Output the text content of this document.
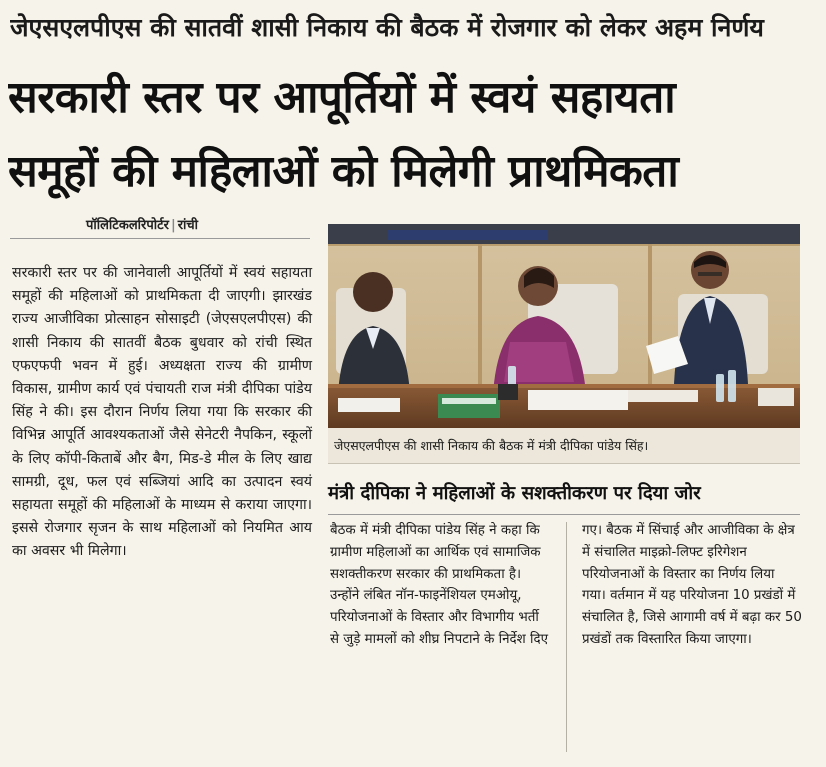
जेएसएलपीएस की सातवीं शासी निकाय की बैठक में रोजगार को लेकर अहम निर्णय
सरकारी स्तर पर आपूर्तियों में स्वयं सहायता
समूहों की महिलाओं को मिलेगी प्राथमिकता
पॉलिटिकलरिपोर्टर | रांची

सरकारी स्तर पर की जानेवाली आपूर्तियों में स्वयं सहायता समूहों की महिलाओं को प्राथमिकता दी जाएगी। झारखंड राज्य आजीविका प्रोत्साहन सोसाइटी (जेएसएलपीएस) की शासी निकाय की सातवीं बैठक बुधवार को रांची स्थित एफएफपी भवन में हुई। अध्यक्षता राज्य की ग्रामीण विकास, ग्रामीण कार्य एवं पंचायती राज मंत्री दीपिका पांडेय सिंह ने की। इस दौरान निर्णय लिया गया कि सरकार की विभिन्न आपूर्ति आवश्यकताओं जैसे सेनेटरी नैपकिन, स्कूलों के लिए कॉपी-किताबें और बैग, मिड-डे मील के लिए खाद्य सामग्री, दूध, फल एवं सब्जियां आदि का उत्पादन स्वयं सहायता समूहों की महिलाओं के माध्यम से कराया जाएगा। इससे रोजगार सृजन के साथ महिलाओं को नियमित आय का अवसर भी मिलेगा।

जेएसएलपीएस की शासी निकाय की बैठक में मंत्री दीपिका पांडेय सिंह।
मंत्री दीपिका ने महिलाओं के सशक्तीकरण पर दिया जोर

बैठक में मंत्री दीपिका पांडेय सिंह ने कहा कि ग्रामीण महिलाओं का आर्थिक एवं सामाजिक सशक्तीकरण सरकार की प्राथमिकता है। उन्होंने लंबित नॉन-फाइनेंशियल एमओयू, परियोजनाओं के विस्तार और विभागीय भर्ती से जुड़े मामलों को शीघ्र निपटाने के निर्देश दिए

गए। बैठक में सिंचाई और आजीविका के क्षेत्र में संचालित माइक्रो-लिफ्ट इरिगेशन परियोजनाओं के विस्तार का निर्णय लिया गया। वर्तमान में यह परियोजना 10 प्रखंडों में संचालित है, जिसे आगामी वर्ष में बढ़ा कर 50 प्रखंडों तक विस्तारित किया जाएगा।
